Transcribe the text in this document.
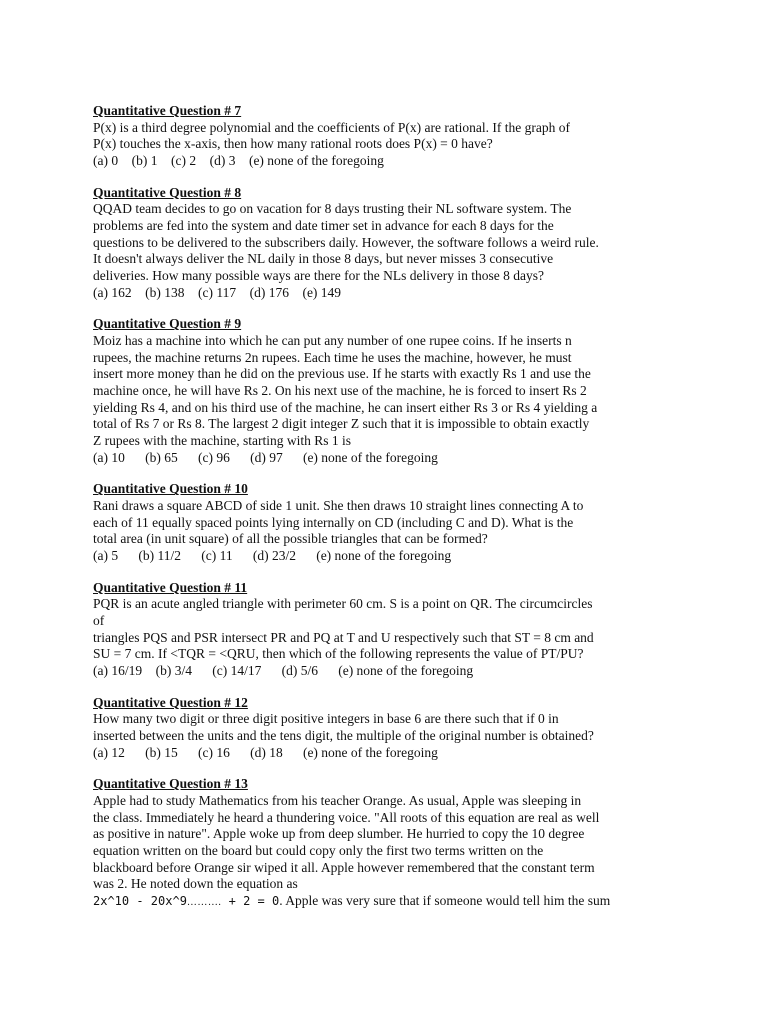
Quantitative Question # 7
P(x) is a third degree polynomial and the coefficients of P(x) are rational. If the graph of
P(x) touches the x-axis, then how many rational roots does P(x) = 0 have?
(a) 0    (b) 1    (c) 2    (d) 3    (e) none of the foregoing
Quantitative Question # 8
QQAD team decides to go on vacation for 8 days trusting their NL software system. The
problems are fed into the system and date timer set in advance for each 8 days for the
questions to be delivered to the subscribers daily. However, the software follows a weird rule.
It doesn't always deliver the NL daily in those 8 days, but never misses 3 consecutive
deliveries. How many possible ways are there for the NLs delivery in those 8 days?
(a) 162    (b) 138    (c) 117    (d) 176    (e) 149
Quantitative Question # 9
Moiz has a machine into which he can put any number of one rupee coins. If he inserts n
rupees, the machine returns 2n rupees. Each time he uses the machine, however, he must
insert more money than he did on the previous use. If he starts with exactly Rs 1 and use the
machine once, he will have Rs 2. On his next use of the machine, he is forced to insert Rs 2
yielding Rs 4, and on his third use of the machine, he can insert either Rs 3 or Rs 4 yielding a
total of Rs 7 or Rs 8. The largest 2 digit integer Z such that it is impossible to obtain exactly
Z rupees with the machine, starting with Rs 1 is
(a) 10      (b) 65      (c) 96      (d) 97      (e) none of the foregoing
Quantitative Question # 10
Rani draws a square ABCD of side 1 unit. She then draws 10 straight lines connecting A to
each of 11 equally spaced points lying internally on CD (including C and D). What is the
total area (in unit square) of all the possible triangles that can be formed?
(a) 5      (b) 11/2      (c) 11      (d) 23/2      (e) none of the foregoing
Quantitative Question # 11
PQR is an acute angled triangle with perimeter 60 cm. S is a point on QR. The circumcircles
of
triangles PQS and PSR intersect PR and PQ at T and U respectively such that ST = 8 cm and
SU = 7 cm. If <TQR = <QRU, then which of the following represents the value of PT/PU?
(a) 16/19    (b) 3/4      (c) 14/17      (d) 5/6      (e) none of the foregoing
Quantitative Question # 12
How many two digit or three digit positive integers in base 6 are there such that if 0 in
inserted between the units and the tens digit, the multiple of the original number is obtained?
(a) 12      (b) 15      (c) 16      (d) 18      (e) none of the foregoing
Quantitative Question # 13
Apple had to study Mathematics from his teacher Orange. As usual, Apple was sleeping in
the class. Immediately he heard a thundering voice. "All roots of this equation are real as well
as positive in nature". Apple woke up from deep slumber. He hurried to copy the 10 degree
equation written on the board but could copy only the first two terms written on the
blackboard before Orange sir wiped it all. Apple however remembered that the constant term
was 2. He noted down the equation as
2x^10 - 20x^9………. + 2 = 0. Apple was very sure that if someone would tell him the sum
